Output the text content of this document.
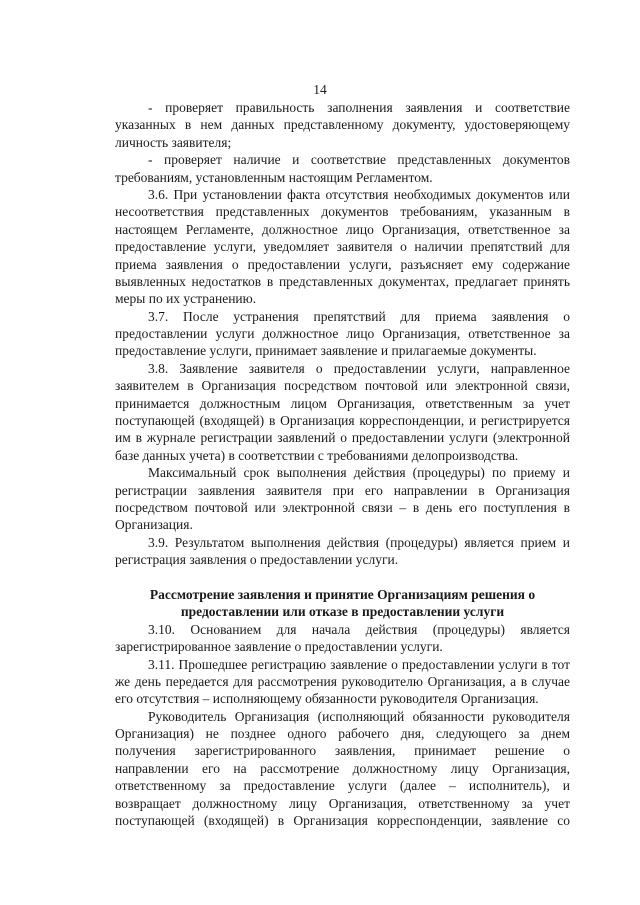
14
- проверяет правильность заполнения заявления и соответствие
указанных в нем данных представленному документу, удостоверяющему
личность заявителя;
- проверяет наличие и соответствие представленных документов
требованиям, установленным настоящим Регламентом.
3.6. При установлении факта отсутствия необходимых документов или
несоответствия представленных документов требованиям, указанным в
настоящем Регламенте, должностное лицо Организация, ответственное за
предоставление услуги, уведомляет заявителя о наличии препятствий для
приема заявления о предоставлении услуги, разъясняет ему содержание
выявленных недостатков в представленных документах, предлагает принять
меры по их устранению.
3.7. После устранения препятствий для приема заявления о
предоставлении услуги должностное лицо Организация, ответственное за
предоставление услуги, принимает заявление и прилагаемые документы.
3.8. Заявление заявителя о предоставлении услуги, направленное
заявителем в Организация посредством почтовой или электронной связи,
принимается должностным лицом Организация, ответственным за учет
поступающей (входящей) в Организация корреспонденции, и регистрируется
им в журнале регистрации заявлений о предоставлении услуги (электронной
базе данных учета) в соответствии с требованиями делопроизводства.
Максимальный срок выполнения действия (процедуры) по приему и
регистрации заявления заявителя при его направлении в Организация
посредством почтовой или электронной связи – в день его поступления в
Организация.
3.9. Результатом выполнения действия (процедуры) является прием и
регистрация заявления о предоставлении услуги.
Рассмотрение заявления и принятие Организациям решения о
предоставлении или отказе в предоставлении услуги
3.10. Основанием для начала действия (процедуры) является
зарегистрированное заявление о предоставлении услуги.
3.11. Прошедшее регистрацию заявление о предоставлении услуги в тот
же день передается для рассмотрения руководителю Организация, а в случае
его отсутствия – исполняющему обязанности руководителя Организация.
Руководитель Организация (исполняющий обязанности руководителя
Организация) не позднее одного рабочего дня, следующего за днем
получения зарегистрированного заявления, принимает решение о
направлении его на рассмотрение должностному лицу Организация,
ответственному за предоставление услуги (далее – исполнитель), и
возвращает должностному лицу Организация, ответственному за учет
поступающей (входящей) в Организация корреспонденции, заявление со
